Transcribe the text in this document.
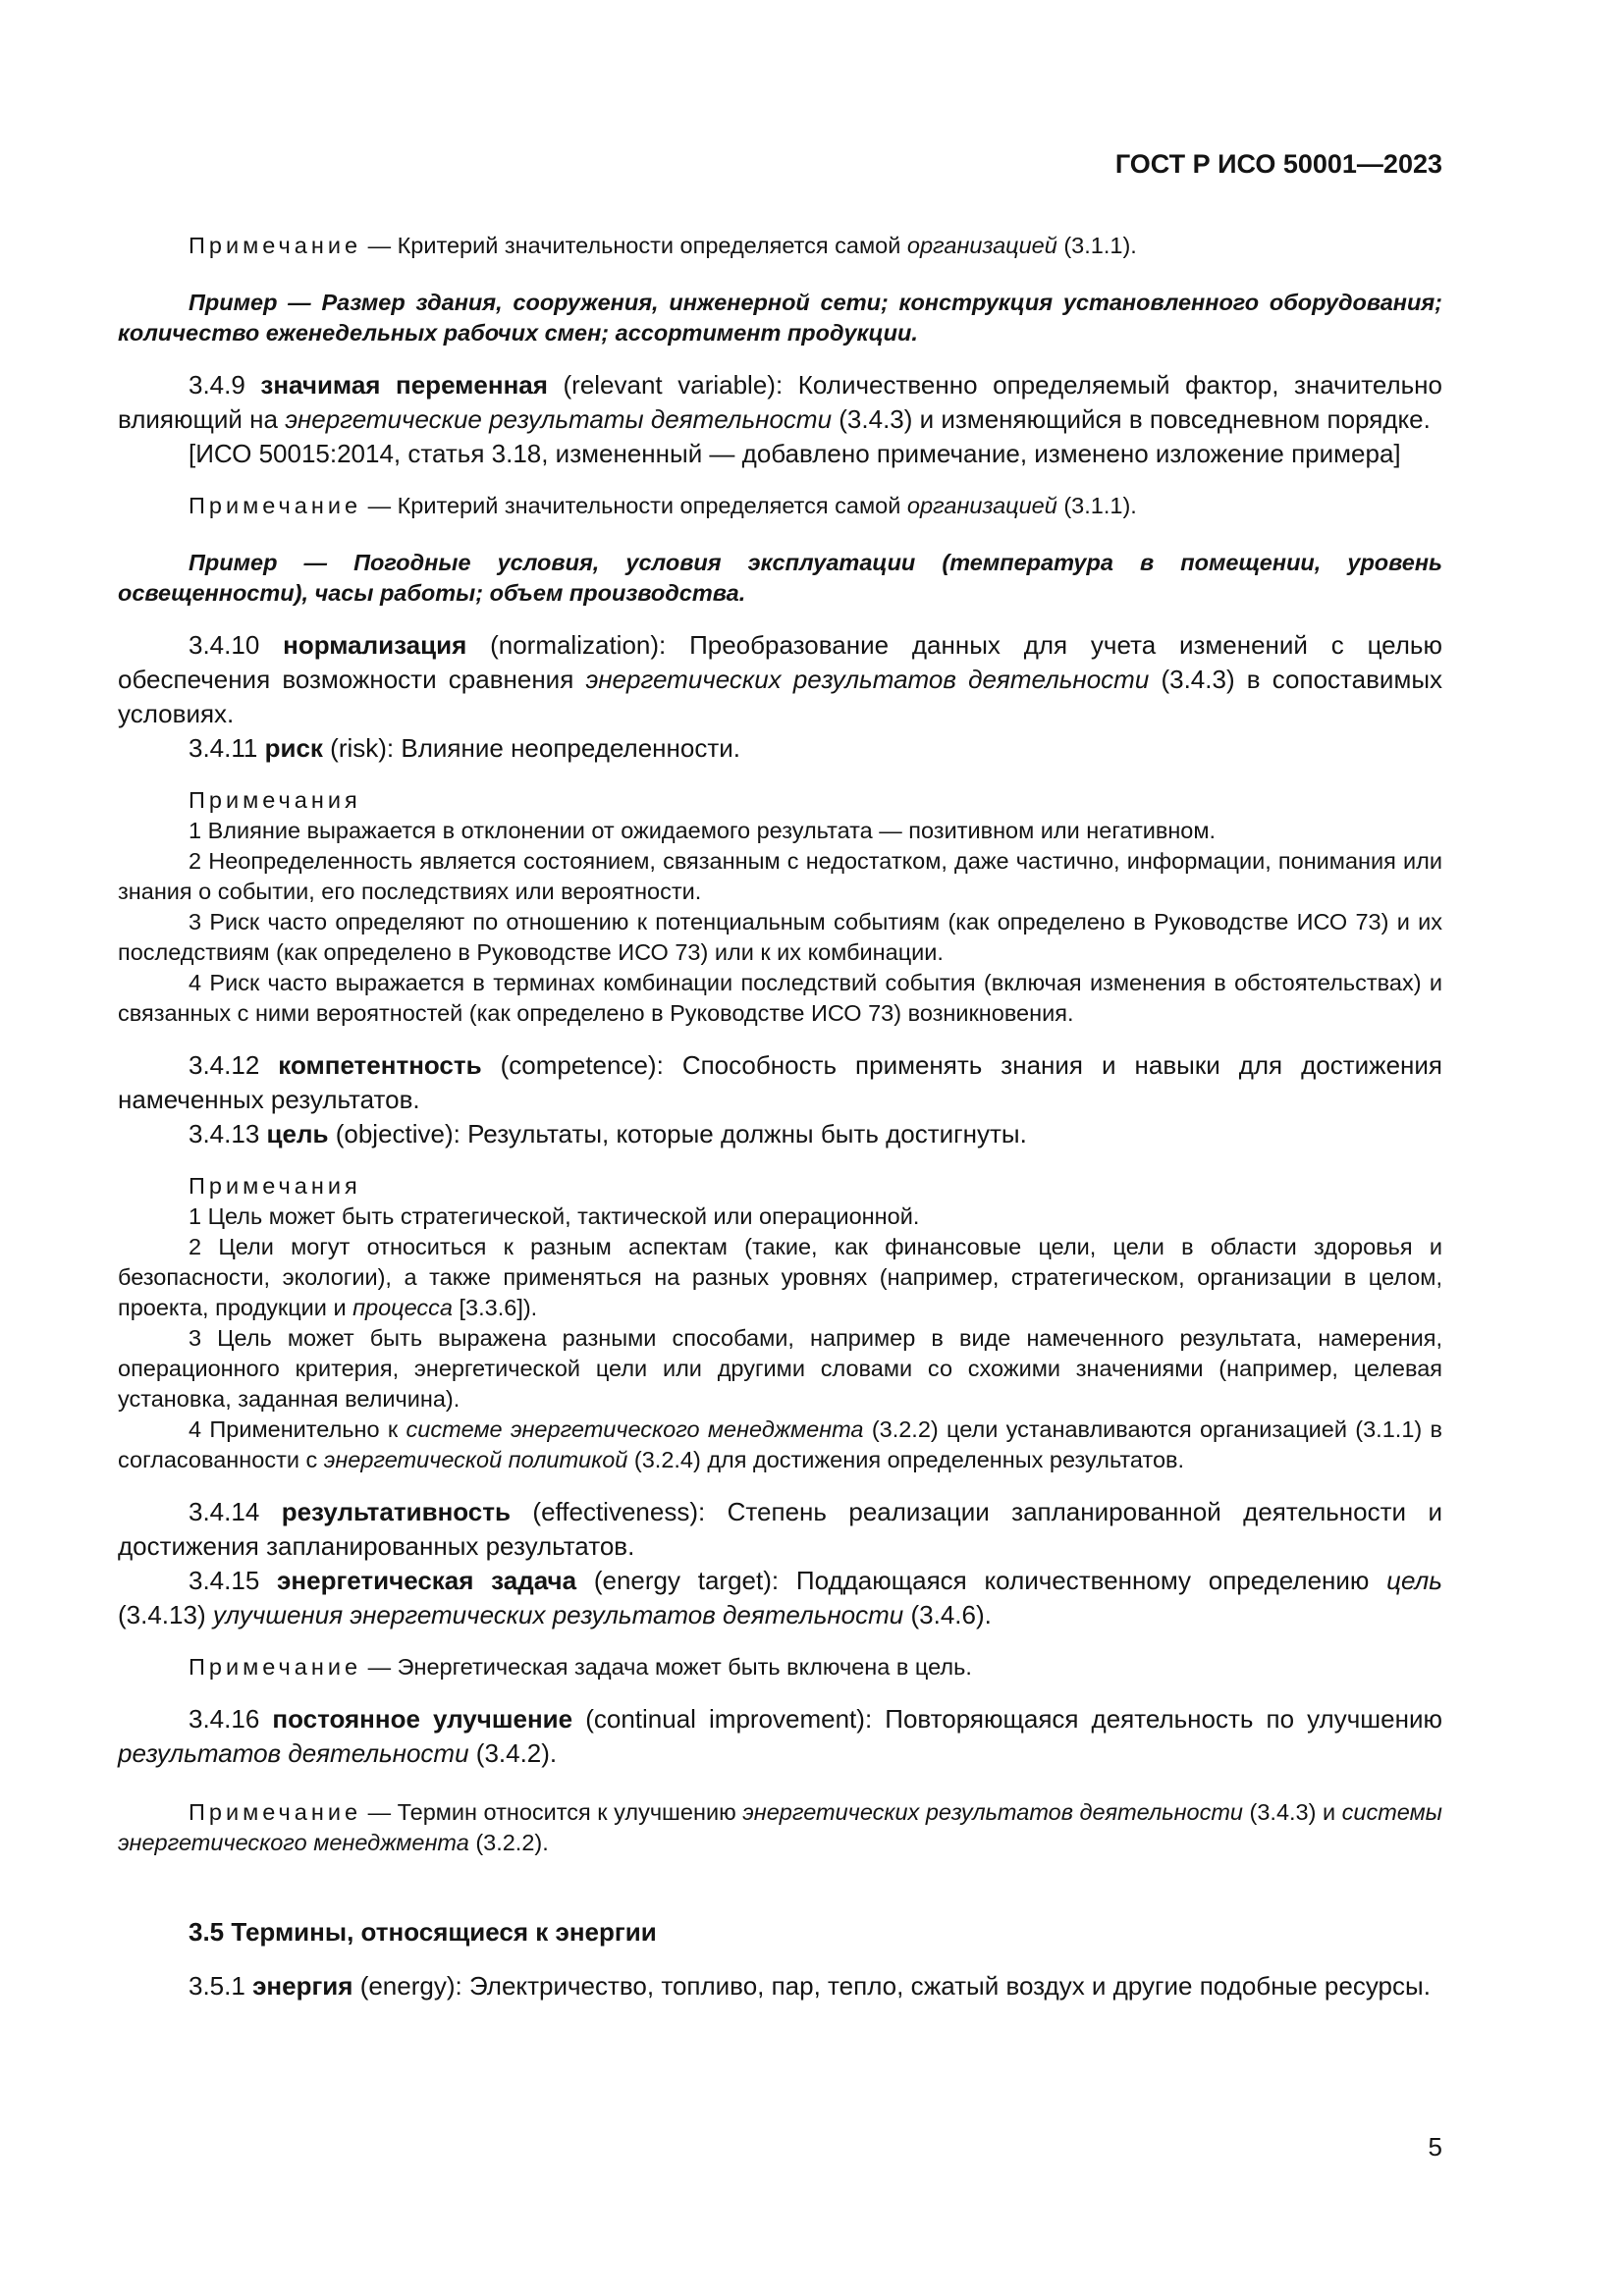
ГОСТ Р ИСО 50001—2023

Примечание — Критерий значительности определяется самой организацией (3.1.1).

Пример — Размер здания, сооружения, инженерной сети; конструкция установленного оборудования; количество еженедельных рабочих смен; ассортимент продукции.

3.4.9 значимая переменная (relevant variable): Количественно определяемый фактор, значительно влияющий на энергетические результаты деятельности (3.4.3) и изменяющийся в повседневном порядке.

[ИСО 50015:2014, статья 3.18, измененный — добавлено примечание, изменено изложение примера]

Примечание — Критерий значительности определяется самой организацией (3.1.1).

Пример — Погодные условия, условия эксплуатации (температура в помещении, уровень освещенности), часы работы; объем производства.

3.4.10 нормализация (normalization): Преобразование данных для учета изменений с целью обеспечения возможности сравнения энергетических результатов деятельности (3.4.3) в сопоставимых условиях.

3.4.11 риск (risk): Влияние неопределенности.

Примечания

1 Влияние выражается в отклонении от ожидаемого результата — позитивном или негативном.

2 Неопределенность является состоянием, связанным с недостатком, даже частично, информации, понимания или знания о событии, его последствиях или вероятности.

3 Риск часто определяют по отношению к потенциальным событиям (как определено в Руководстве ИСО 73) и их последствиям (как определено в Руководстве ИСО 73) или к их комбинации.

4 Риск часто выражается в терминах комбинации последствий события (включая изменения в обстоятельствах) и связанных с ними вероятностей (как определено в Руководстве ИСО 73) возникновения.

3.4.12 компетентность (competence): Способность применять знания и навыки для достижения намеченных результатов.

3.4.13 цель (objective): Результаты, которые должны быть достигнуты.

Примечания

1 Цель может быть стратегической, тактической или операционной.

2 Цели могут относиться к разным аспектам (такие, как финансовые цели, цели в области здоровья и безопасности, экологии), а также применяться на разных уровнях (например, стратегическом, организации в целом, проекта, продукции и процесса [3.3.6]).

3 Цель может быть выражена разными способами, например в виде намеченного результата, намерения, операционного критерия, энергетической цели или другими словами со схожими значениями (например, целевая установка, заданная величина).

4 Применительно к системе энергетического менеджмента (3.2.2) цели устанавливаются организацией (3.1.1) в согласованности с энергетической политикой (3.2.4) для достижения определенных результатов.

3.4.14 результативность (effectiveness): Степень реализации запланированной деятельности и достижения запланированных результатов.

3.4.15 энергетическая задача (energy target): Поддающаяся количественному определению цель (3.4.13) улучшения энергетических результатов деятельности (3.4.6).

Примечание — Энергетическая задача может быть включена в цель.

3.4.16 постоянное улучшение (continual improvement): Повторяющаяся деятельность по улучшению результатов деятельности (3.4.2).

Примечание — Термин относится к улучшению энергетических результатов деятельности (3.4.3) и системы энергетического менеджмента (3.2.2).

3.5 Термины, относящиеся к энергии

3.5.1 энергия (energy): Электричество, топливо, пар, тепло, сжатый воздух и другие подобные ресурсы.

5
